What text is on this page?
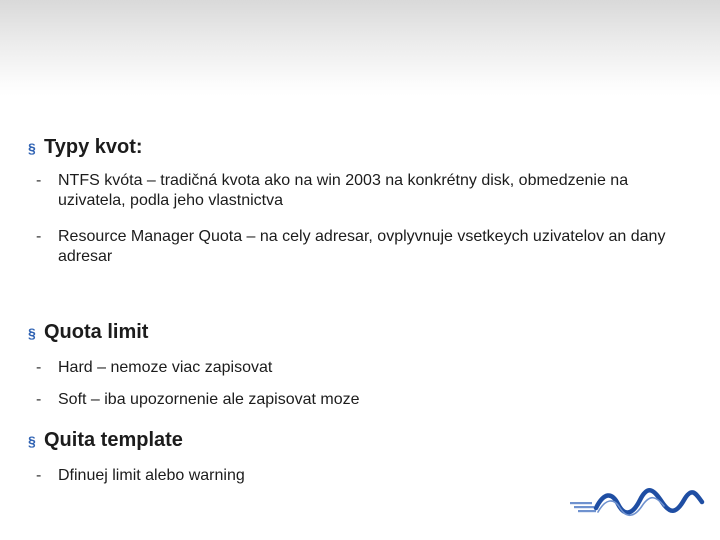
§ Typy kvot:
-	NTFS kvóta – tradičná kvota ako na win 2003 na konkrétny disk, obmedzenie na uzivatela, podla jeho vlastnictva
-	Resource Manager Quota – na cely adresar, ovplyvnuje vsetkeych uzivatelov an dany adresar
§ Quota limit
-	Hard – nemoze viac zapisovat
-	Soft – iba upozornenie ale zapisovat moze
§ Quita template
-	Dfinuej limit alebo warning
